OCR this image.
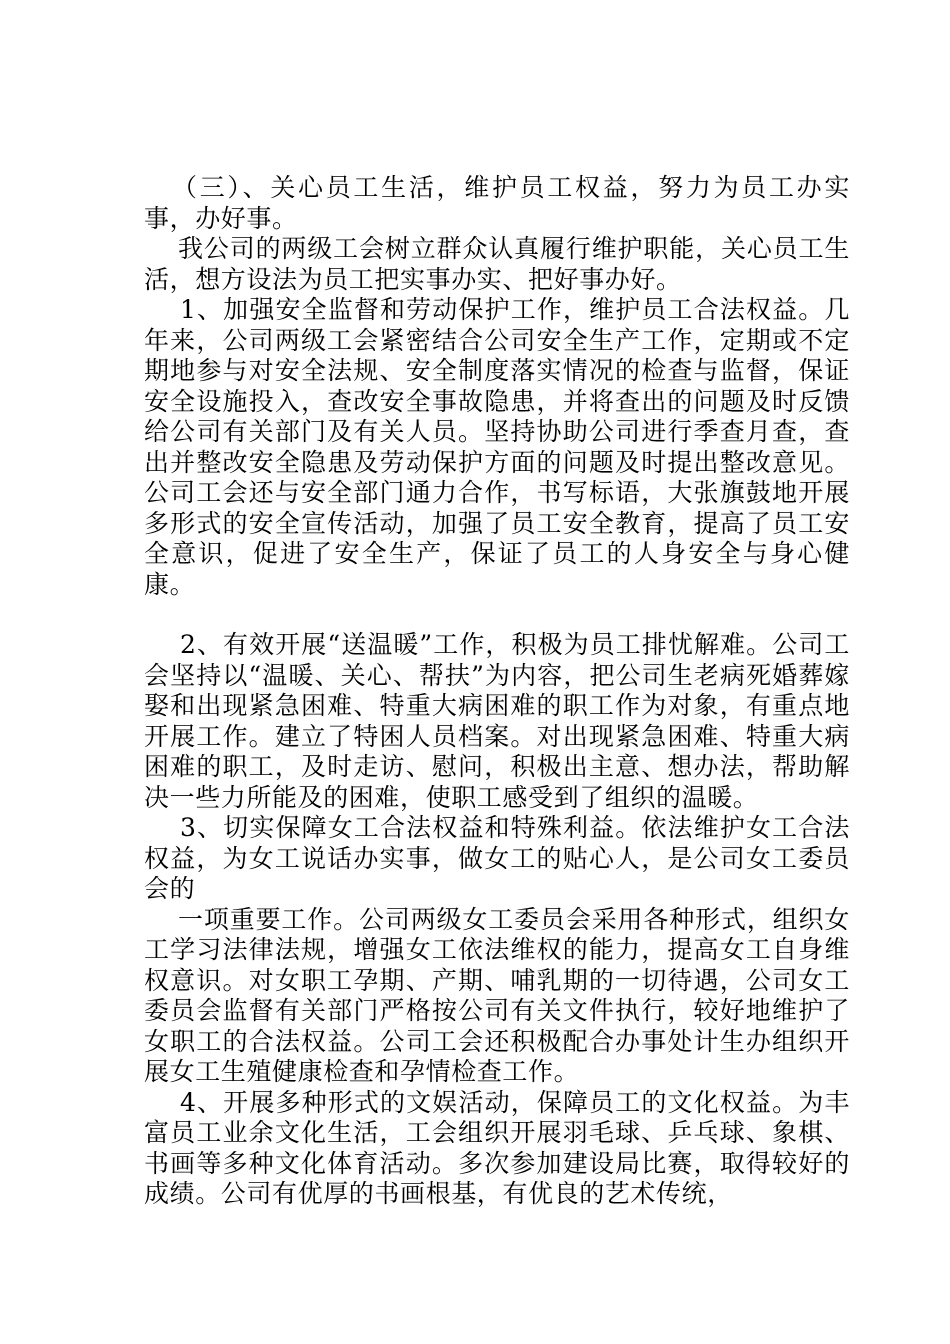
（三）、关心员工生活，维护员工权益，努力为员工办实事，办好事。

我公司的两级工会树立群众认真履行维护职能，关心员工生活，想方设法为员工把实事办实、把好事办好。

1、加强安全监督和劳动保护工作，维护员工合法权益。几年来，公司两级工会紧密结合公司安全生产工作，定期或不定期地参与对安全法规、安全制度落实情况的检查与监督，保证安全设施投入，查改安全事故隐患，并将查出的问题及时反馈给公司有关部门及有关人员。坚持协助公司进行季查月查，查出并整改安全隐患及劳动保护方面的问题及时提出整改意见。公司工会还与安全部门通力合作，书写标语，大张旗鼓地开展多形式的安全宣传活动，加强了员工安全教育，提高了员工安全意识，促进了安全生产，保证了员工的人身安全与身心健康。

2、有效开展“送温暖”工作，积极为员工排忧解难。公司工会坚持以“温暖、关心、帮扶”为内容，把公司生老病死婚葬嫁娶和出现紧急困难、特重大病困难的职工作为对象，有重点地开展工作。建立了特困人员档案。对出现紧急困难、特重大病困难的职工，及时走访、慰问，积极出主意、想办法，帮助解决一些力所能及的困难，使职工感受到了组织的温暖。

3、切实保障女工合法权益和特殊利益。依法维护女工合法权益，为女工说话办实事，做女工的贴心人，是公司女工委员会的

一项重要工作。公司两级女工委员会采用各种形式，组织女工学习法律法规，增强女工依法维权的能力，提高女工自身维权意识。对女职工孕期、产期、哺乳期的一切待遇，公司女工委员会监督有关部门严格按公司有关文件执行，较好地维护了女职工的合法权益。公司工会还积极配合办事处计生办组织开展女工生殖健康检查和孕情检查工作。

4、开展多种形式的文娱活动，保障员工的文化权益。为丰富员工业余文化生活，工会组织开展羽毛球、乒乓球、象棋、书画等多种文化体育活动。多次参加建设局比赛，取得较好的成绩。公司有优厚的书画根基，有优良的艺术传统，
